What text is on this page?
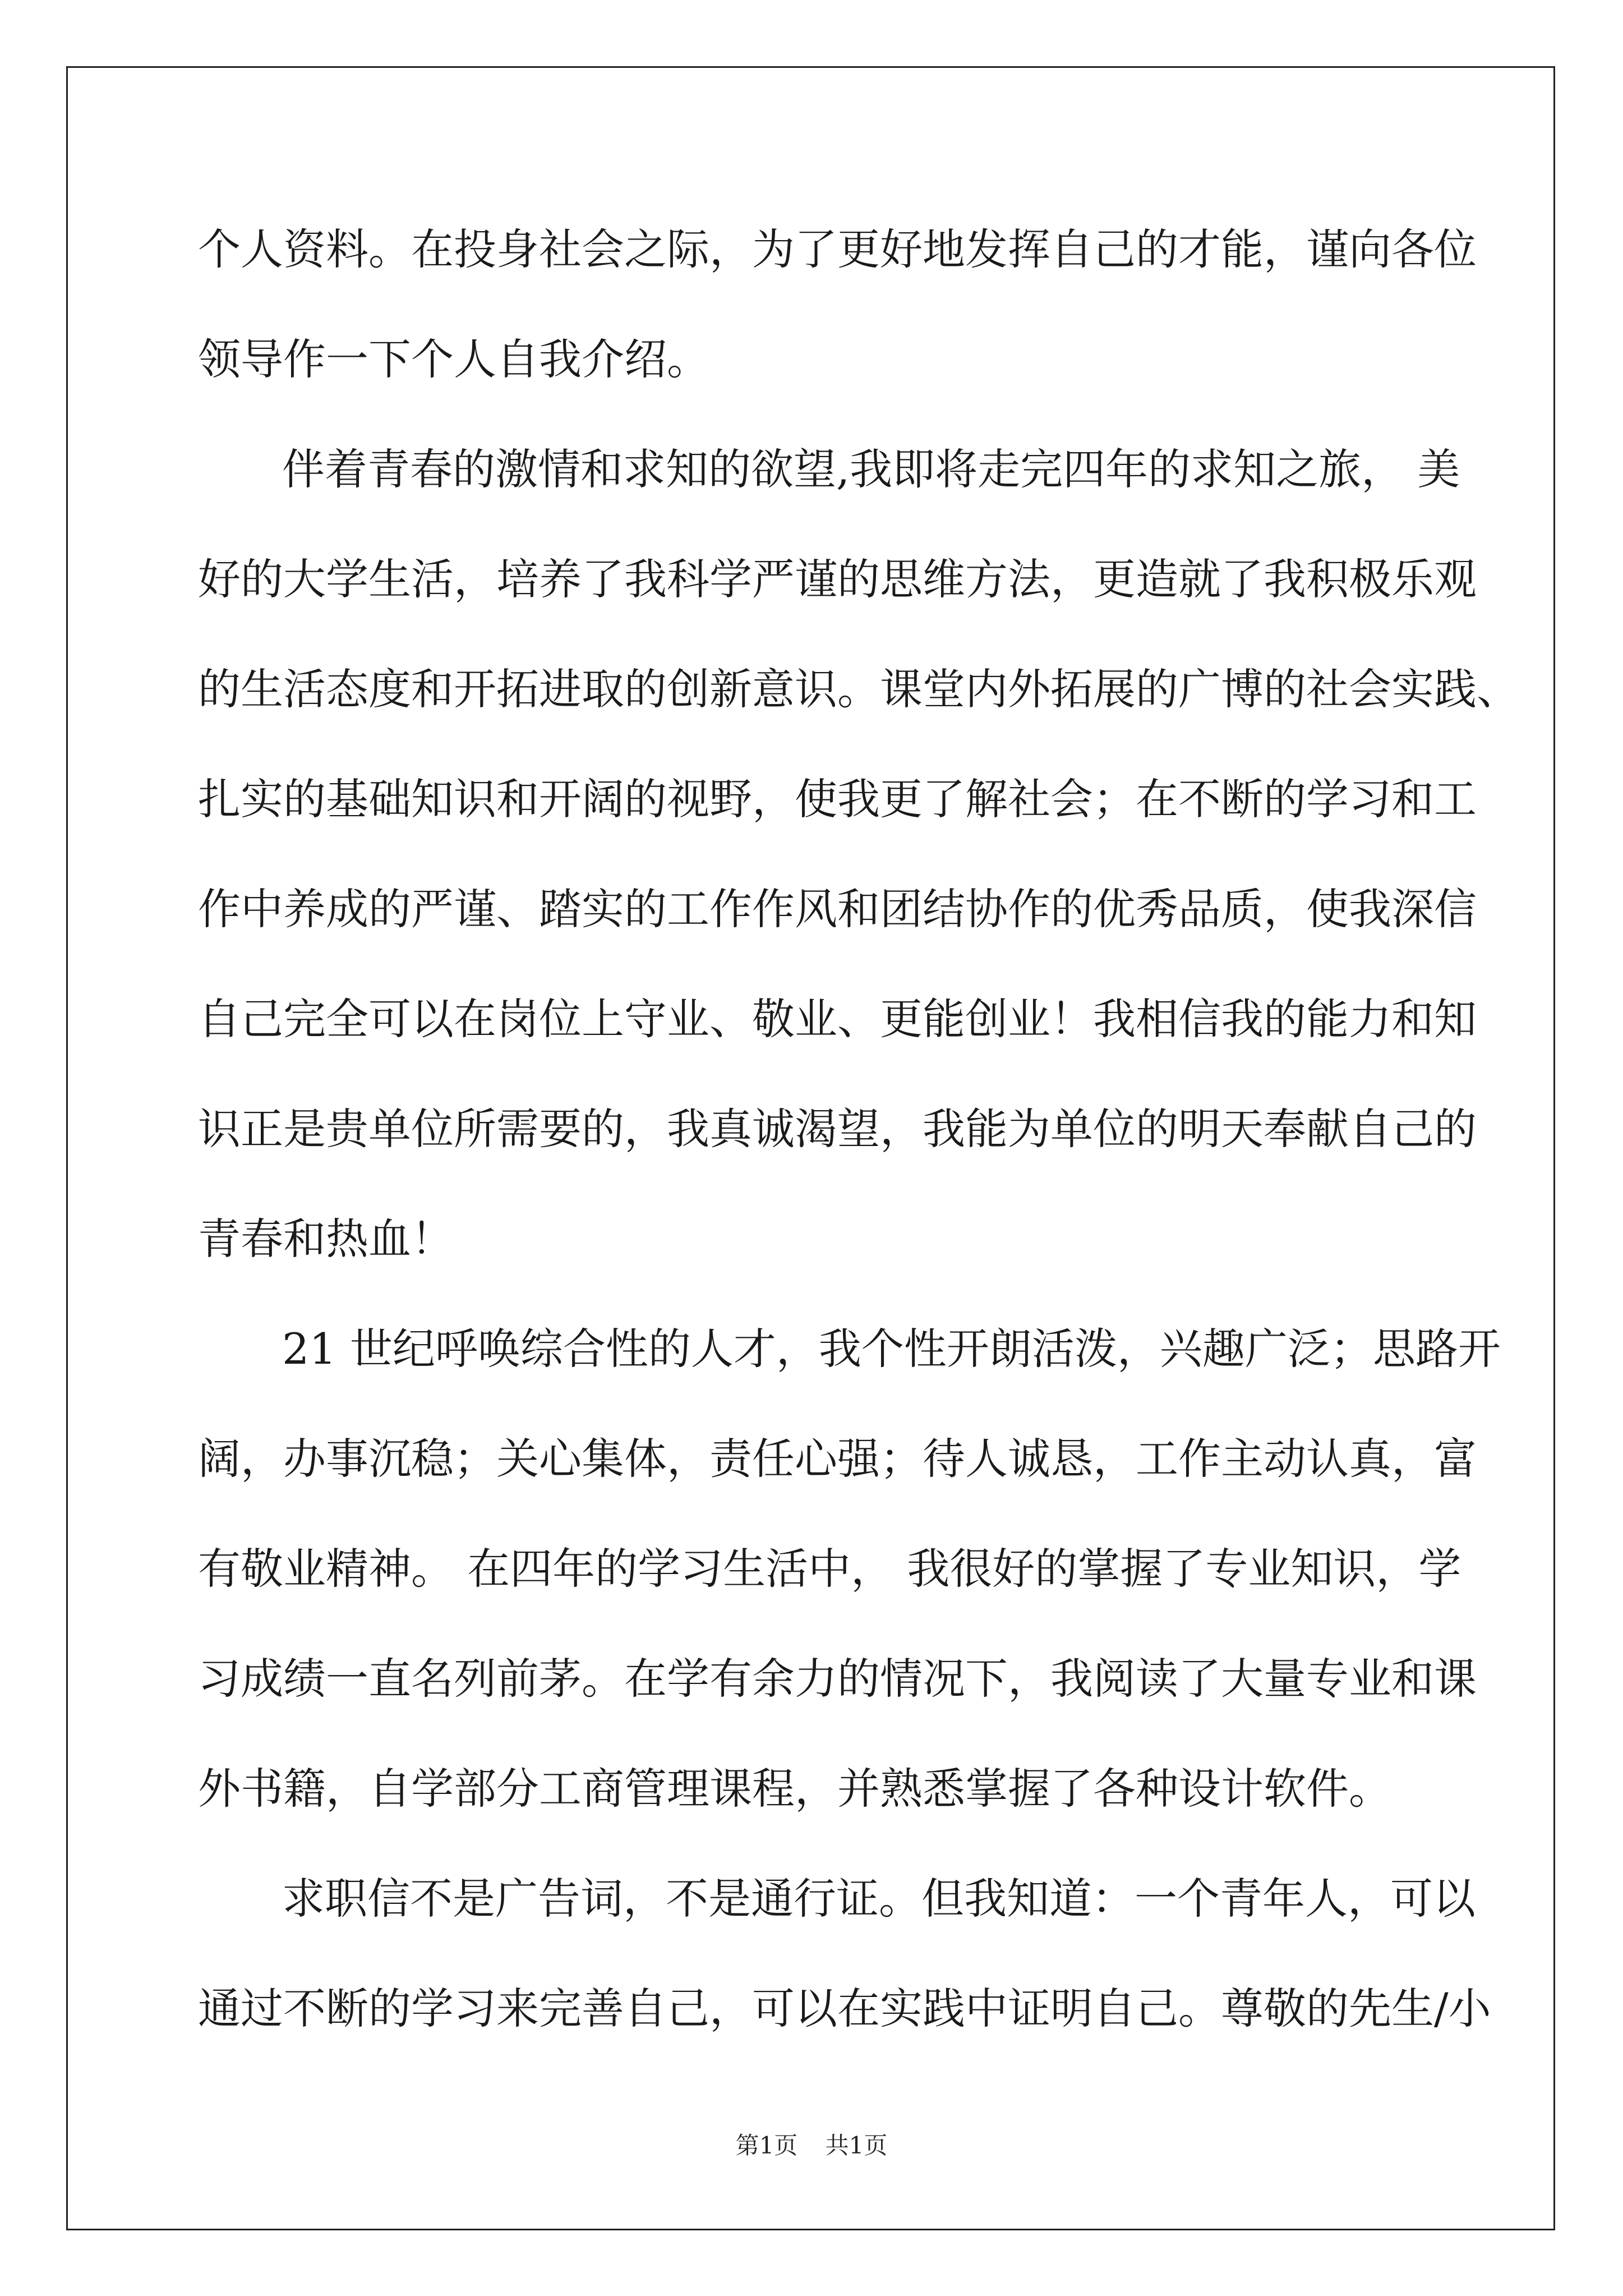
个人资料。在投身社会之际，为了更好地发挥自己的才能，谨向各位
领导作一下个人自我介绍。
伴着青春的激情和求知的欲望,我即将走完四年的求知之旅， 美
好的大学生活，培养了我科学严谨的思维方法，更造就了我积极乐观
的生活态度和开拓进取的创新意识。课堂内外拓展的广博的社会实践、
扎实的基础知识和开阔的视野，使我更了解社会；在不断的学习和工
作中养成的严谨、踏实的工作作风和团结协作的优秀品质，使我深信
自己完全可以在岗位上守业、敬业、更能创业！我相信我的能力和知
识正是贵单位所需要的，我真诚渴望，我能为单位的明天奉献自己的
青春和热血！
21 世纪呼唤综合性的人才，我个性开朗活泼，兴趣广泛；思路开
阔，办事沉稳；关心集体，责任心强；待人诚恳，工作主动认真，富
有敬业精神。 在四年的学习生活中， 我很好的掌握了专业知识，学
习成绩一直名列前茅。在学有余力的情况下，我阅读了大量专业和课
外书籍，自学部分工商管理课程，并熟悉掌握了各种设计软件。
求职信不是广告词，不是通行证。但我知道：一个青年人，可以
通过不断的学习来完善自己，可以在实践中证明自己。尊敬的先生/小
第1页 共1页
